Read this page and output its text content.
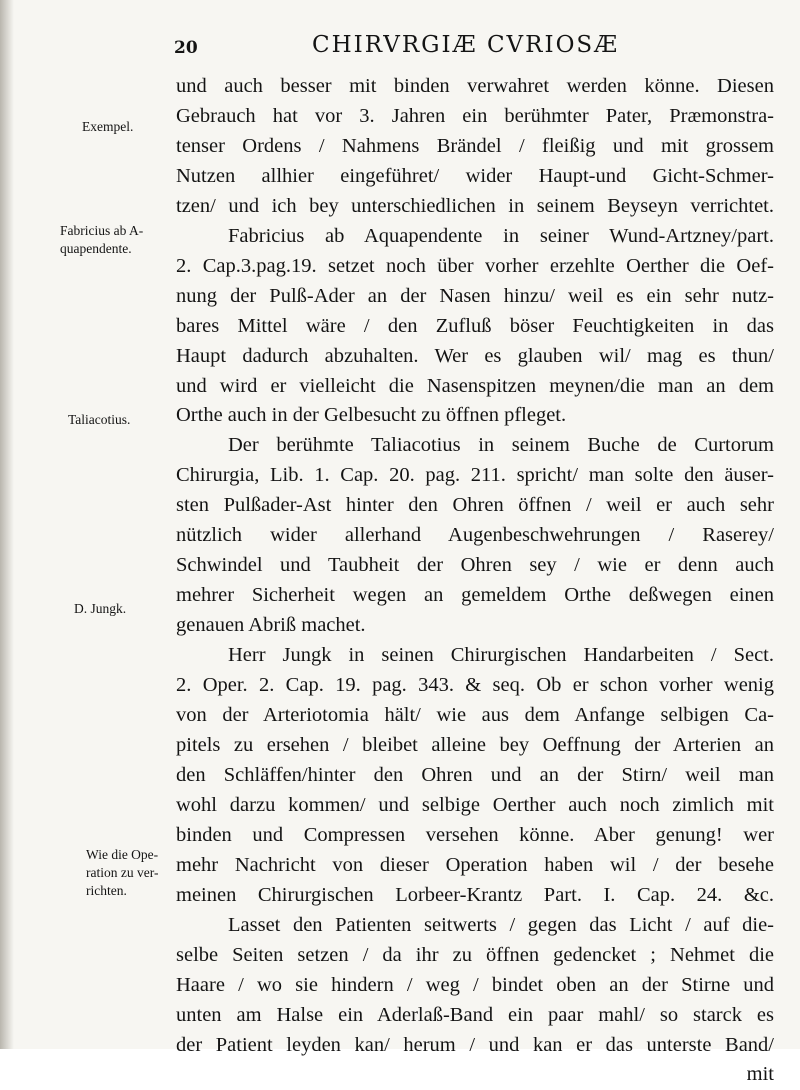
20	CHIRVRGIÆ CVRIOSÆ
Exempel.
Fabricius ab A-
quapendente.
Taliacotius.
D. Jungk.
Wie die Ope-
ration zu ver-
richten.

und auch besser mit binden verwahret werden könne. Diesen
Gebrauch hat vor 3. Jahren ein berühmter Pater, Præmonstra-
tenser Ordens / Nahmens Brändel / fleißig und mit grossem
Nutzen allhier eingeführet/ wider Haupt-und Gicht-Schmer-
tzen/ und ich bey unterschiedlichen in seinem Beyseyn verrichtet.

Fabricius ab Aquapendente in seiner Wund-Artzney/part.
2. Cap.3.pag.19. setzet noch über vorher erzehlte Oerther die Oef-
nung der Pulß-Ader an der Nasen hinzu/ weil es ein sehr nutz-
bares Mittel wäre / den Zufluß böser Feuchtigkeiten in das
Haupt dadurch abzuhalten. Wer es glauben wil/ mag es thun/
und wird er vielleicht die Nasenspitzen meynen/die man an dem
Orthe auch in der Gelbesucht zu öffnen pfleget.

Der berühmte Taliacotius in seinem Buche de Curtorum
Chirurgia, Lib. 1. Cap. 20. pag. 211. spricht/ man solte den äuser-
sten Pulßader-Ast hinter den Ohren öffnen / weil er auch sehr
nützlich wider allerhand Augenbeschwehrungen / Raserey/
Schwindel und Taubheit der Ohren sey / wie er denn auch
mehrer Sicherheit wegen an gemeldem Orthe deßwegen einen
genauen Abriß machet.

Herr Jungk in seinen Chirurgischen Handarbeiten / Sect.
2. Oper. 2. Cap. 19. pag. 343. & seq. Ob er schon vorher wenig
von der Arteriotomia hält/ wie aus dem Anfange selbigen Ca-
pitels zu ersehen / bleibet alleine bey Oeffnung der Arterien an
den Schläffen/hinter den Ohren und an der Stirn/ weil man
wohl darzu kommen/ und selbige Oerther auch noch zimlich mit
binden und Compressen versehen könne. Aber genung! wer
mehr Nachricht von dieser Operation haben wil / der besehe
meinen Chirurgischen Lorbeer-Krantz Part. I. Cap. 24. &c.

Lasset den Patienten seitwerts / gegen das Licht / auf die-
selbe Seiten setzen / da ihr zu öffnen gedencket ; Nehmet die
Haare / wo sie hindern / weg / bindet oben an der Stirne und
unten am Halse ein Aderlaß-Band ein paar mahl/ so starck es
der Patient leyden kan/ herum / und kan er das unterste Band/
mit
